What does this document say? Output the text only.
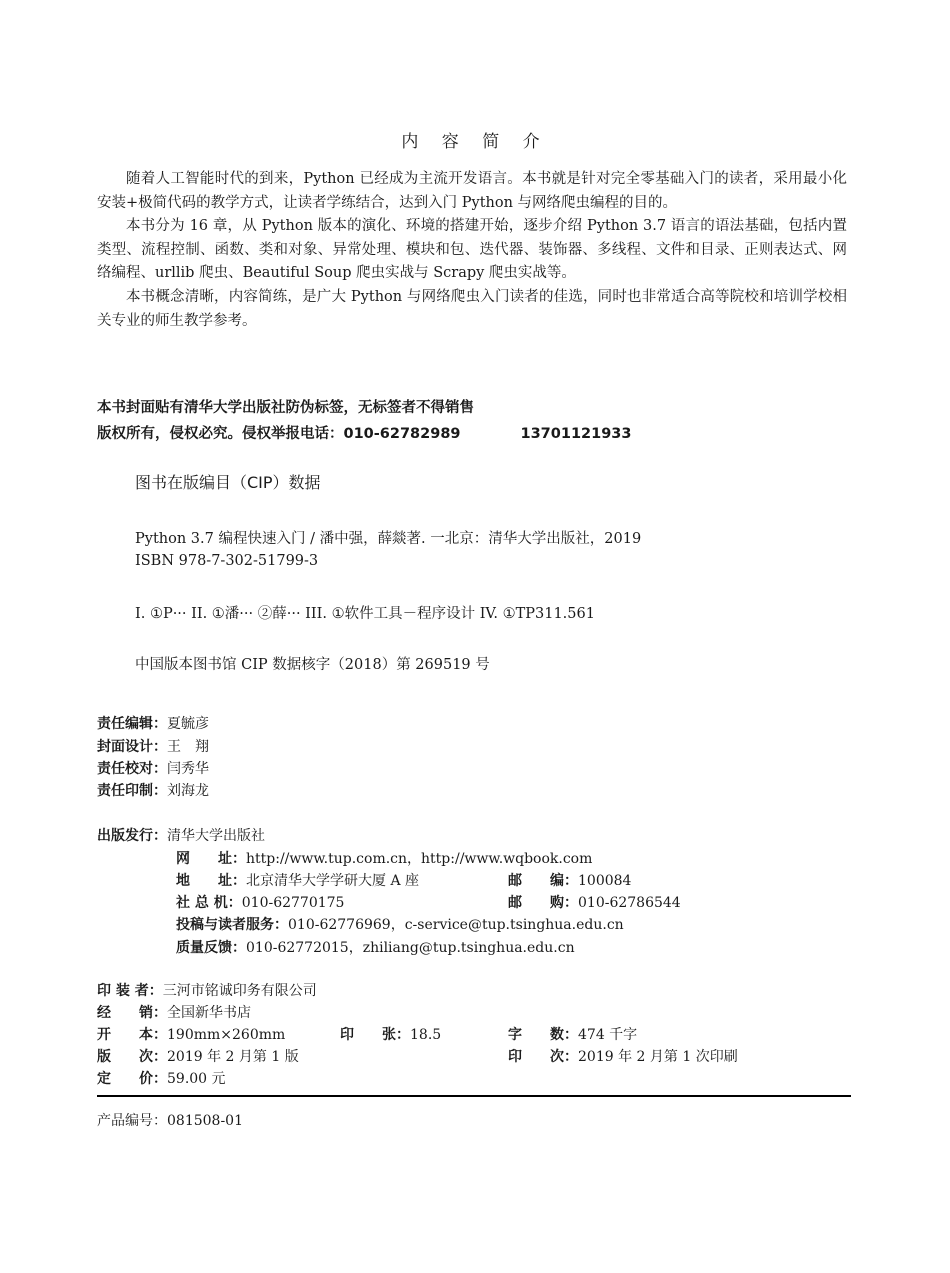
内 容 简 介

随着人工智能时代的到来，Python 已经成为主流开发语言。本书就是针对完全零基础入门的读者，采用最小化安装+极简代码的教学方式，让读者学练结合，达到入门 Python 与网络爬虫编程的目的。

本书分为 16 章，从 Python 版本的演化、环境的搭建开始，逐步介绍 Python 3.7 语言的语法基础，包括内置类型、流程控制、函数、类和对象、异常处理、模块和包、迭代器、装饰器、多线程、文件和目录、正则表达式、网络编程、urllib 爬虫、Beautiful Soup 爬虫实战与 Scrapy 爬虫实战等。

本书概念清晰，内容简练，是广大 Python 与网络爬虫入门读者的佳选，同时也非常适合高等院校和培训学校相关专业的师生教学参考。

本书封面贴有清华大学出版社防伪标签，无标签者不得销售
版权所有，侵权必究。侵权举报电话：010-62782989	13701121933
图书在版编目（CIP）数据
Python 3.7 编程快速入门 / 潘中强，薛燚著. 一北京：清华大学出版社，2019
ISBN 978-7-302-51799-3
I. ①P··· II. ①潘··· ②薛··· III. ①软件工具－程序设计 IV. ①TP311.561
中国版本图书馆 CIP 数据核字（2018）第 269519 号
责任编辑：夏毓彦
封面设计：王　翔
责任校对：闫秀华
责任印制：刘海龙
出版发行：清华大学出版社
网　　址：http://www.tup.com.cn，http://www.wqbook.com
地　　址：北京清华大学学研大厦 A 座	邮　　编：100084
社 总 机：010-62770175	邮　　购：010-62786544
投稿与读者服务：010-62776969，c-service@tup.tsinghua.edu.cn
质量反馈：010-62772015，zhiliang@tup.tsinghua.edu.cn
印 装 者：三河市铭诚印务有限公司
经　　销：全国新华书店
开　　本：190mm×260mm	印　　张：18.5	字　　数：474 千字
版　　次：2019 年 2 月第 1 版	印　　次：2019 年 2 月第 1 次印刷
定　　价：59.00 元
产品编号：081508-01
